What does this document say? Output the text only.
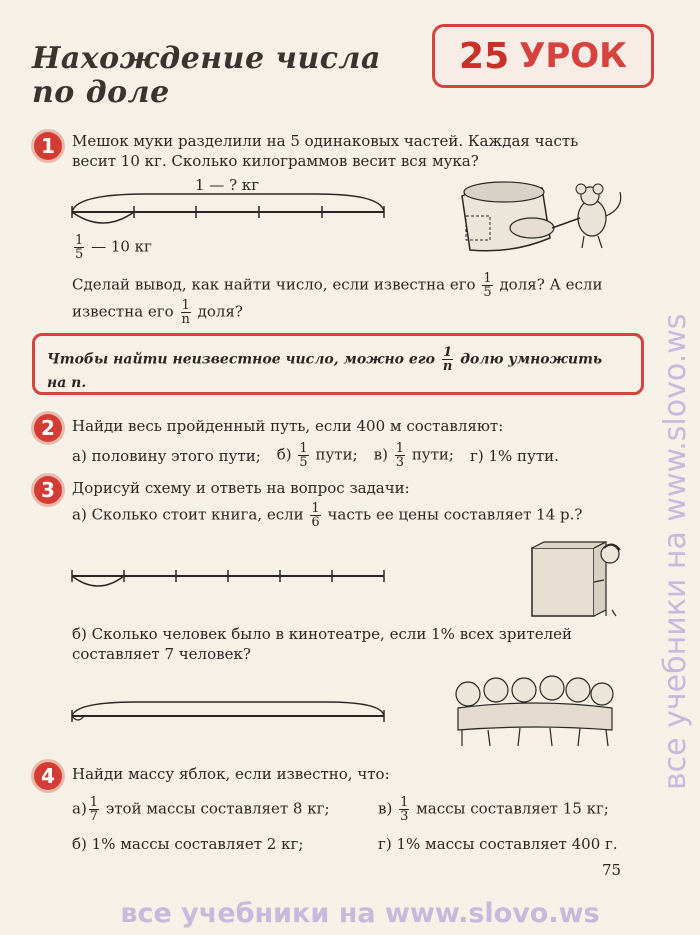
Нахождение числа
по доле
25 УРОК
1	Мешок муки разделили на 5 одинаковых частей. Каждая часть
весит 10 кг. Сколько килограммов весит вся мука?
1 — ? кг
$\frac{1}{5}$ — 10 кг
Сделай вывод, как найти число, если известна его $\frac{1}{5}$ доля? А если
известна его $\frac{1}{n}$ доля?
Чтобы найти неизвестное число, можно его $\frac{1}{n}$ долю умножить
на n.
2	Найди весь пройденный путь, если 400 м составляют:
а) половину этого пути; $б) \frac{1}{5}$ пути; $в) \frac{1}{3}$ пути; г) 1% пути.
3	Дорисуй схему и ответь на вопрос задачи:
а) Сколько стоит книга, если $\frac{1}{6}$ часть ее цены составляет 14 р.?
б) Сколько человек было в кинотеатре, если 1% всех зрителей
составляет 7 человек?
4	Найди массу яблок, если известно, что:
$а) \frac{1}{7}$ этой массы составляет 8 кг;	$в) \frac{1}{3}$ массы составляет 15 кг;
б) 1% массы составляет 2 кг;	г) 1% массы составляет 400 г.
75
все учебники на www.slovo.ws
все учебники на www.slovo.ws
